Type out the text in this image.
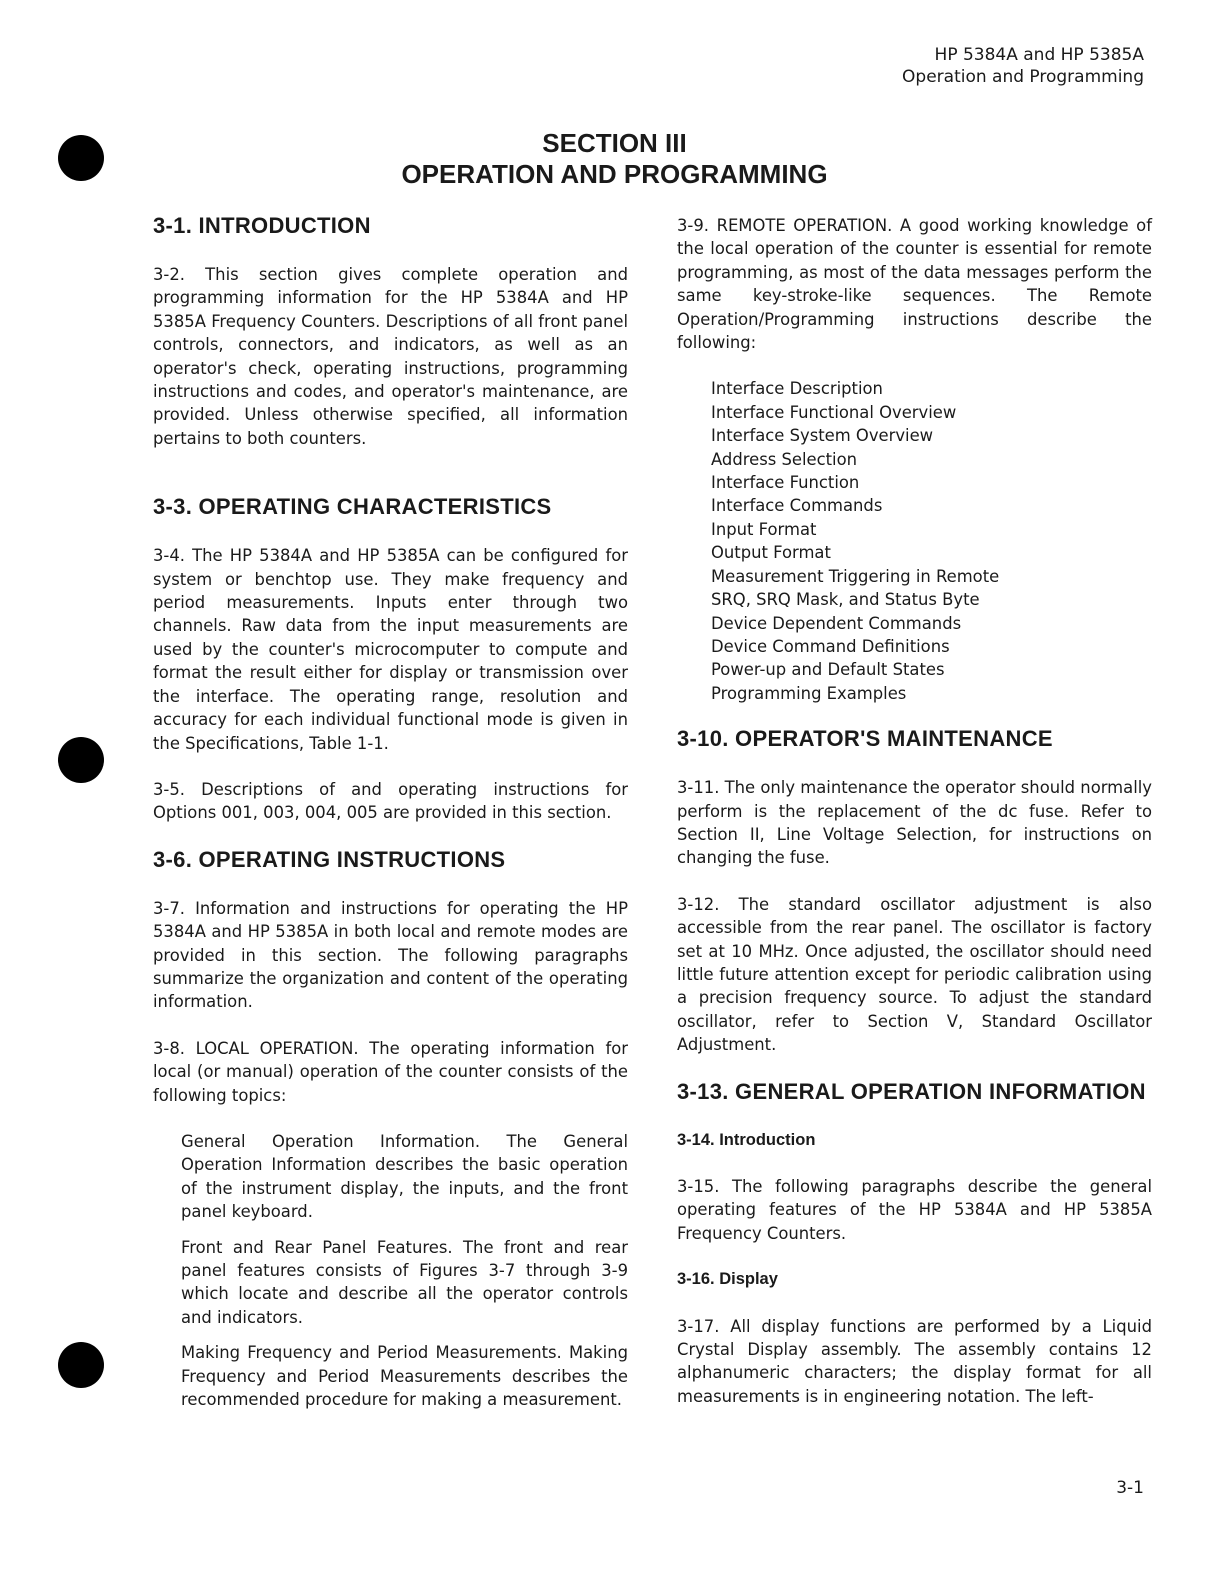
HP 5384A and HP 5385A
Operation and Programming
SECTION III
OPERATION AND PROGRAMMING
3-1. INTRODUCTION

3-2. This section gives complete operation and programming information for the HP 5384A and HP 5385A Frequency Counters. Descriptions of all front panel controls, connectors, and indicators, as well as an operator's check, operating instructions, programming instructions and codes, and operator's maintenance, are provided. Unless otherwise specified, all information pertains to both counters.

3-3. OPERATING CHARACTERISTICS

3-4. The HP 5384A and HP 5385A can be configured for system or benchtop use. They make frequency and period measurements. Inputs enter through two channels. Raw data from the input measurements are used by the counter's microcomputer to compute and format the result either for display or transmission over the interface. The operating range, resolution and accuracy for each individual functional mode is given in the Specifications, Table 1-1.

3-5. Descriptions of and operating instructions for Options 001, 003, 004, 005 are provided in this section.

3-6. OPERATING INSTRUCTIONS

3-7. Information and instructions for operating the HP 5384A and HP 5385A in both local and remote modes are provided in this section. The following paragraphs summarize the organization and content of the operating information.

3-8. LOCAL OPERATION. The operating information for local (or manual) operation of the counter consists of the following topics:

General Operation Information. The General Operation Information describes the basic operation of the instrument display, the inputs, and the front panel keyboard.

Front and Rear Panel Features. The front and rear panel features consists of Figures 3-7 through 3-9 which locate and describe all the operator controls and indicators.

Making Frequency and Period Measurements. Making Frequency and Period Measurements describes the recommended procedure for making a measurement.

3-9. REMOTE OPERATION. A good working knowledge of the local operation of the counter is essential for remote programming, as most of the data messages perform the same key-stroke-like sequences. The Remote Operation/Programming instructions describe the following:

Interface Description
Interface Functional Overview
Interface System Overview
Address Selection
Interface Function
Interface Commands
Input Format
Output Format
Measurement Triggering in Remote
SRQ, SRQ Mask, and Status Byte
Device Dependent Commands
Device Command Definitions
Power-up and Default States
Programming Examples
3-10. OPERATOR'S MAINTENANCE

3-11. The only maintenance the operator should normally perform is the replacement of the dc fuse. Refer to Section II, Line Voltage Selection, for instructions on changing the fuse.

3-12. The standard oscillator adjustment is also accessible from the rear panel. The oscillator is factory set at 10 MHz. Once adjusted, the oscillator should need little future attention except for periodic calibration using a precision frequency source. To adjust the standard oscillator, refer to Section V, Standard Oscillator Adjustment.

3-13. GENERAL OPERATION INFORMATION
3-14. Introduction

3-15. The following paragraphs describe the general operating features of the HP 5384A and HP 5385A Frequency Counters.

3-16. Display

3-17. All display functions are performed by a Liquid Crystal Display assembly. The assembly contains 12 alphanumeric characters; the display format for all measurements is in engineering notation. The left-

3-1
